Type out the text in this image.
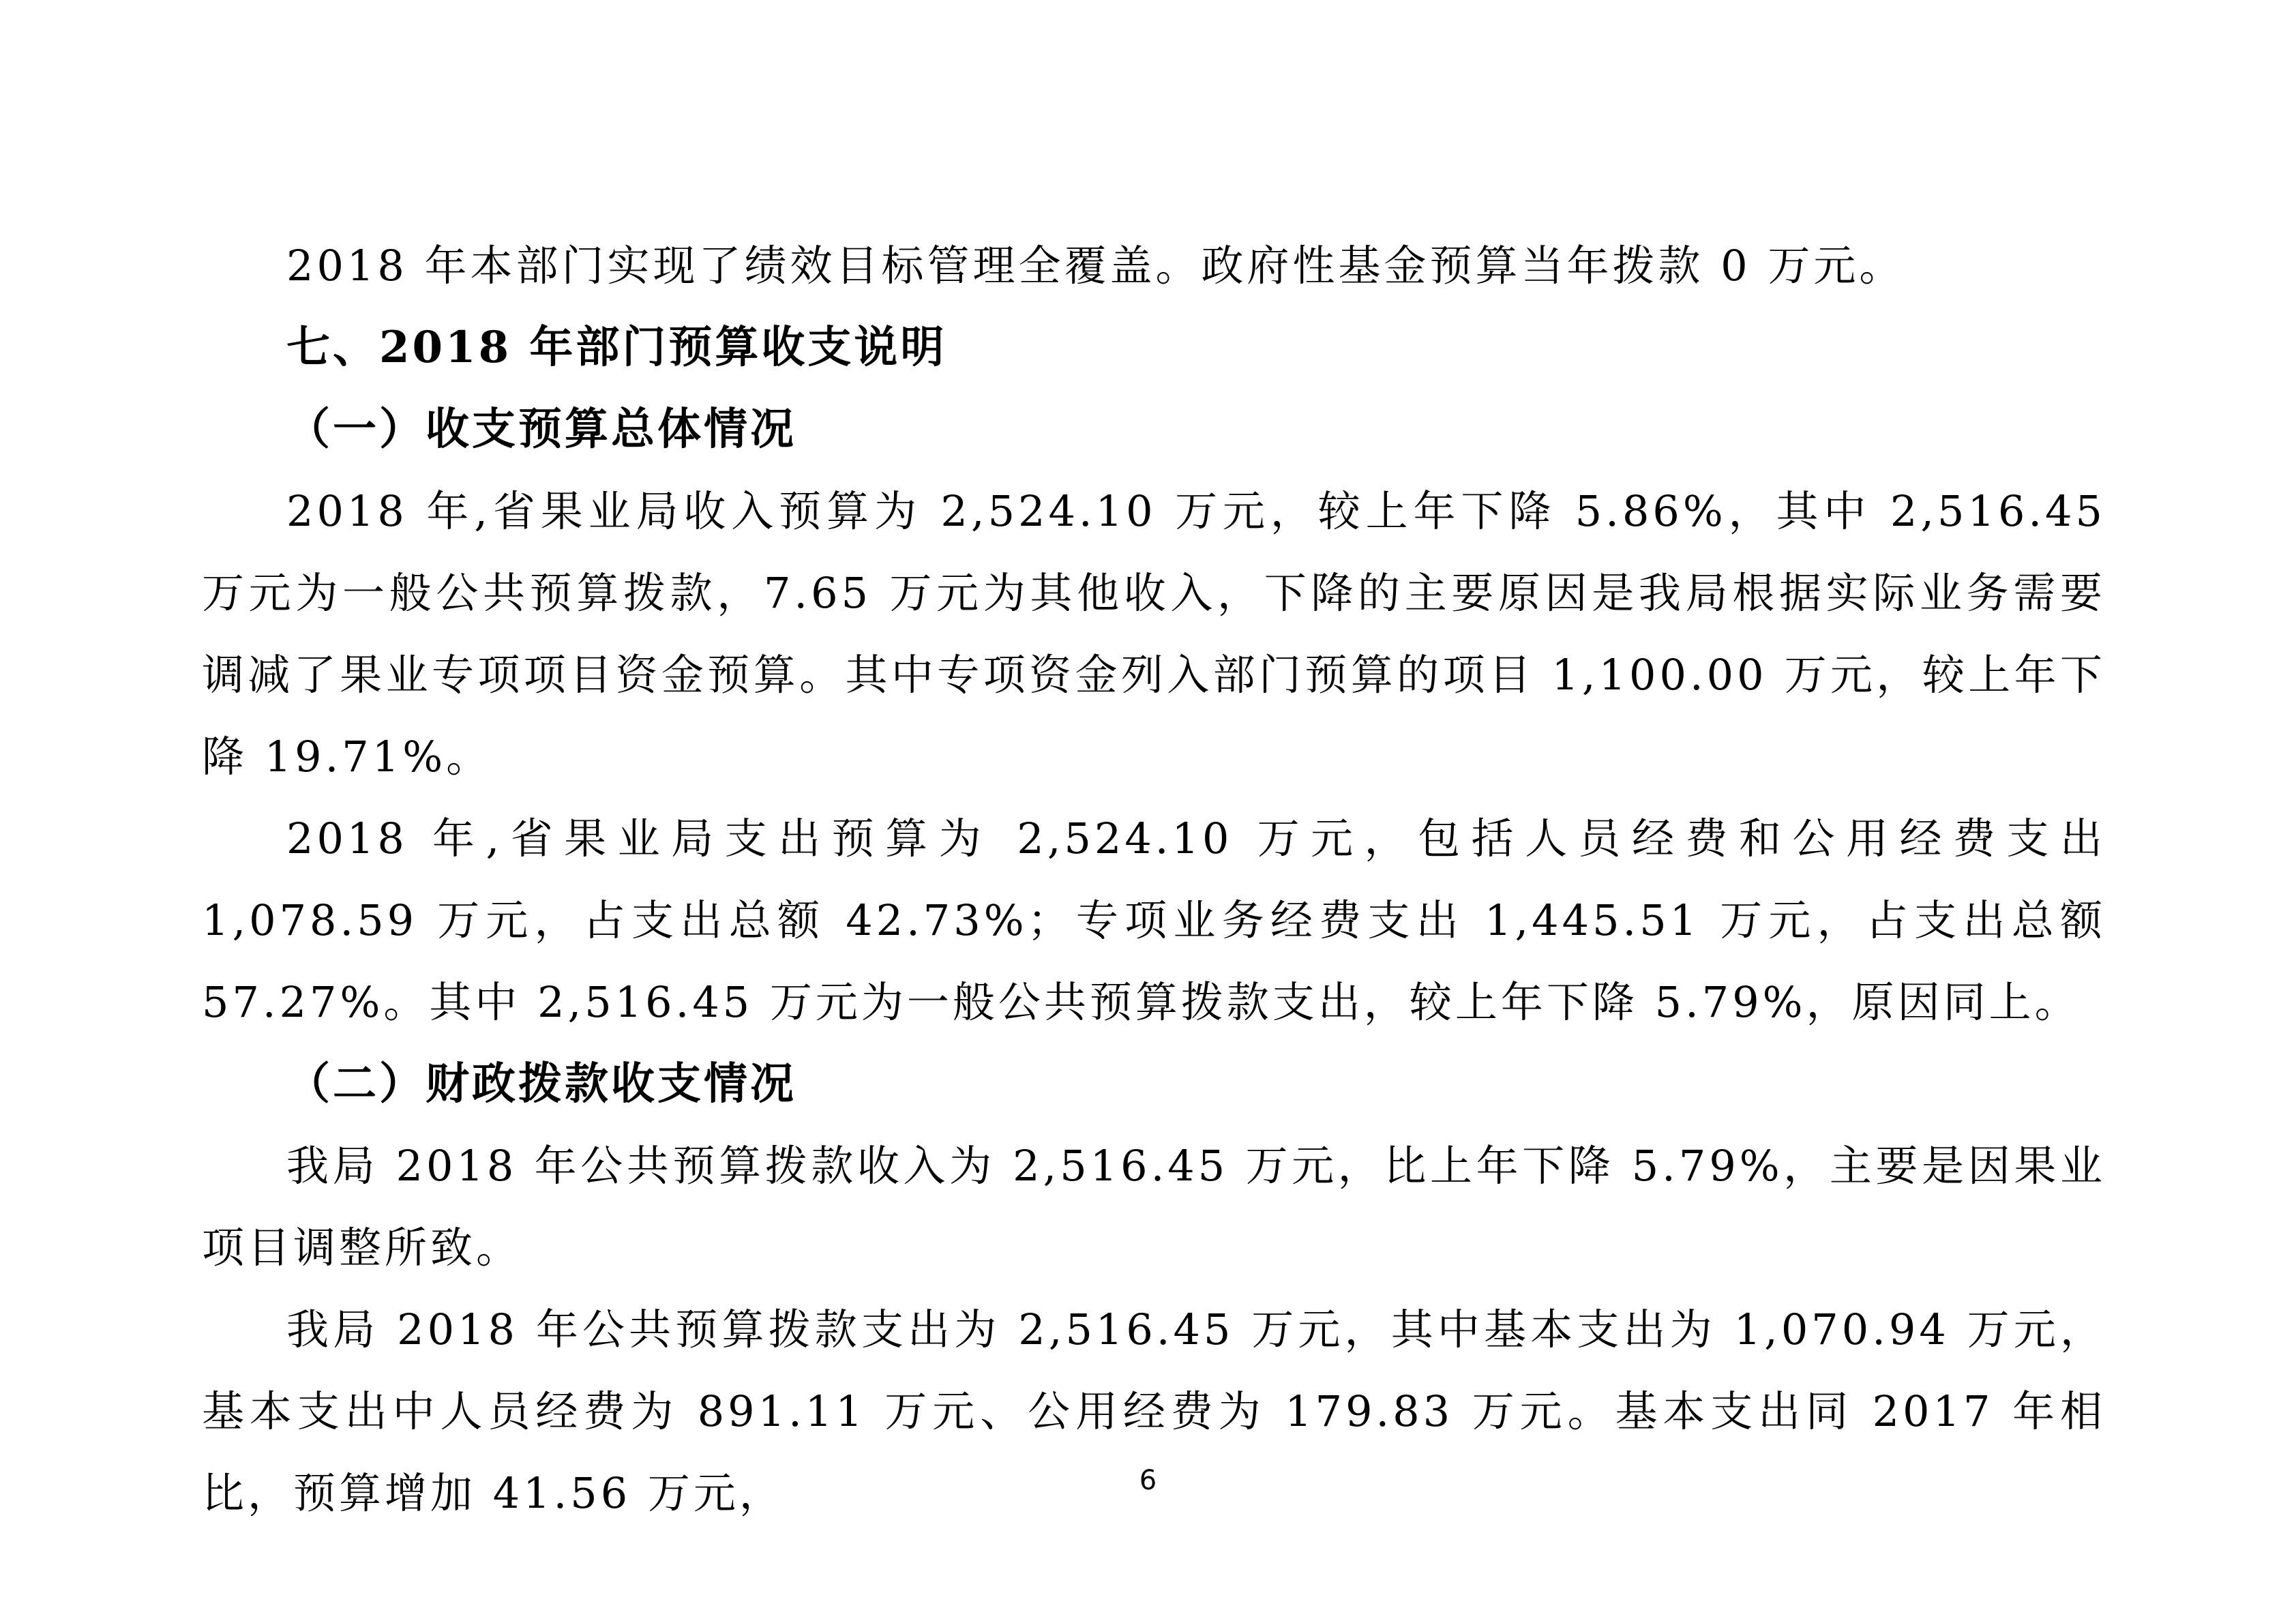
2018 年本部门实现了绩效目标管理全覆盖。政府性基金预算当年拨款 0 万元。

七、2018 年部门预算收支说明

（一）收支预算总体情况

2018 年,省果业局收入预算为 2,524.10 万元，较上年下降 5.86%，其中 2,516.45 万元为一般公共预算拨款，7.65 万元为其他收入，下降的主要原因是我局根据实际业务需要调减了果业专项项目资金预算。其中专项资金列入部门预算的项目 1,100.00 万元，较上年下降 19.71%。

2018 年,省果业局支出预算为 2,524.10 万元，包括人员经费和公用经费支出 1,078.59 万元，占支出总额 42.73%；专项业务经费支出 1,445.51 万元，占支出总额 57.27%。其中 2,516.45 万元为一般公共预算拨款支出，较上年下降 5.79%，原因同上。

（二）财政拨款收支情况

我局 2018 年公共预算拨款收入为 2,516.45 万元，比上年下降 5.79%，主要是因果业项目调整所致。

我局 2018 年公共预算拨款支出为 2,516.45 万元，其中基本支出为 1,070.94 万元，基本支出中人员经费为 891.11 万元、公用经费为 179.83 万元。基本支出同 2017 年相比，预算增加 41.56 万元，	6
